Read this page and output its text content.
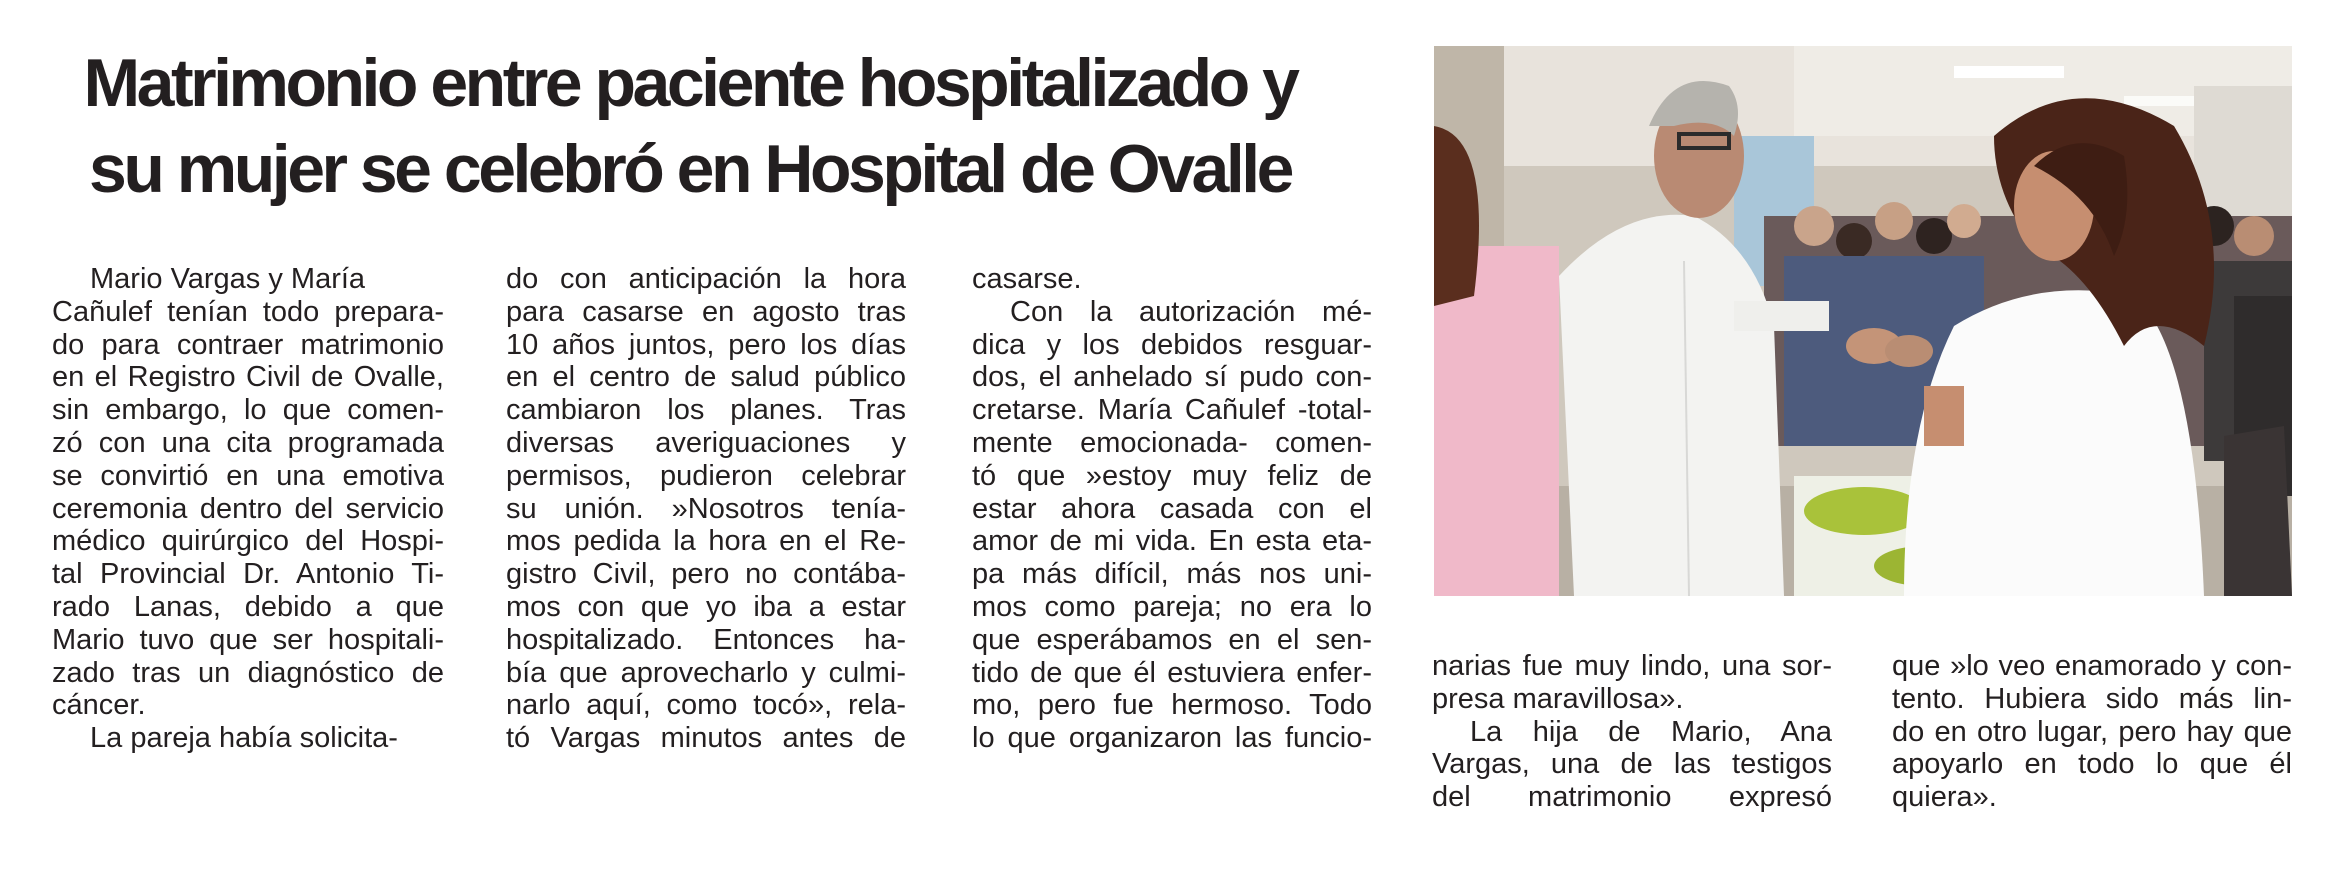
Matrimonio entre paciente hospitalizado y
su mujer se celebró en Hospital de Ovalle
Mario Vargas y María
Cañulef tenían todo prepara-
do para contraer matrimonio
en el Registro Civil de Ovalle,
sin embargo, lo que comen-
zó con una cita programada
se convirtió en una emotiva
ceremonia dentro del servicio
médico quirúrgico del Hospi-
tal Provincial Dr. Antonio Ti-
rado Lanas, debido a que
Mario tuvo que ser hospitali-
zado tras un diagnóstico de
cáncer.
La pareja había solicita-
do con anticipación la hora
para casarse en agosto tras
10 años juntos, pero los días
en el centro de salud público
cambiaron los planes. Tras
diversas averiguaciones y
permisos, pudieron celebrar
su unión. »Nosotros tenía-
mos pedida la hora en el Re-
gistro Civil, pero no contába-
mos con que yo iba a estar
hospitalizado. Entonces ha-
bía que aprovecharlo y culmi-
narlo aquí, como tocó», rela-
tó Vargas minutos antes de
casarse.
Con la autorización mé-
dica y los debidos resguar-
dos, el anhelado sí pudo con-
cretarse. María Cañulef -total-
mente emocionada- comen-
tó que »estoy muy feliz de
estar ahora casada con el
amor de mi vida. En esta eta-
pa más difícil, más nos uni-
mos como pareja; no era lo
que esperábamos en el sen-
tido de que él estuviera enfer-
mo, pero fue hermoso. Todo
lo que organizaron las funcio-
narias fue muy lindo, una sor-
presa maravillosa».
La hija de Mario, Ana
Vargas, una de las testigos
del matrimonio expresó
que »lo veo enamorado y con-
tento. Hubiera sido más lin-
do en otro lugar, pero hay que
apoyarlo en todo lo que él
quiera».
